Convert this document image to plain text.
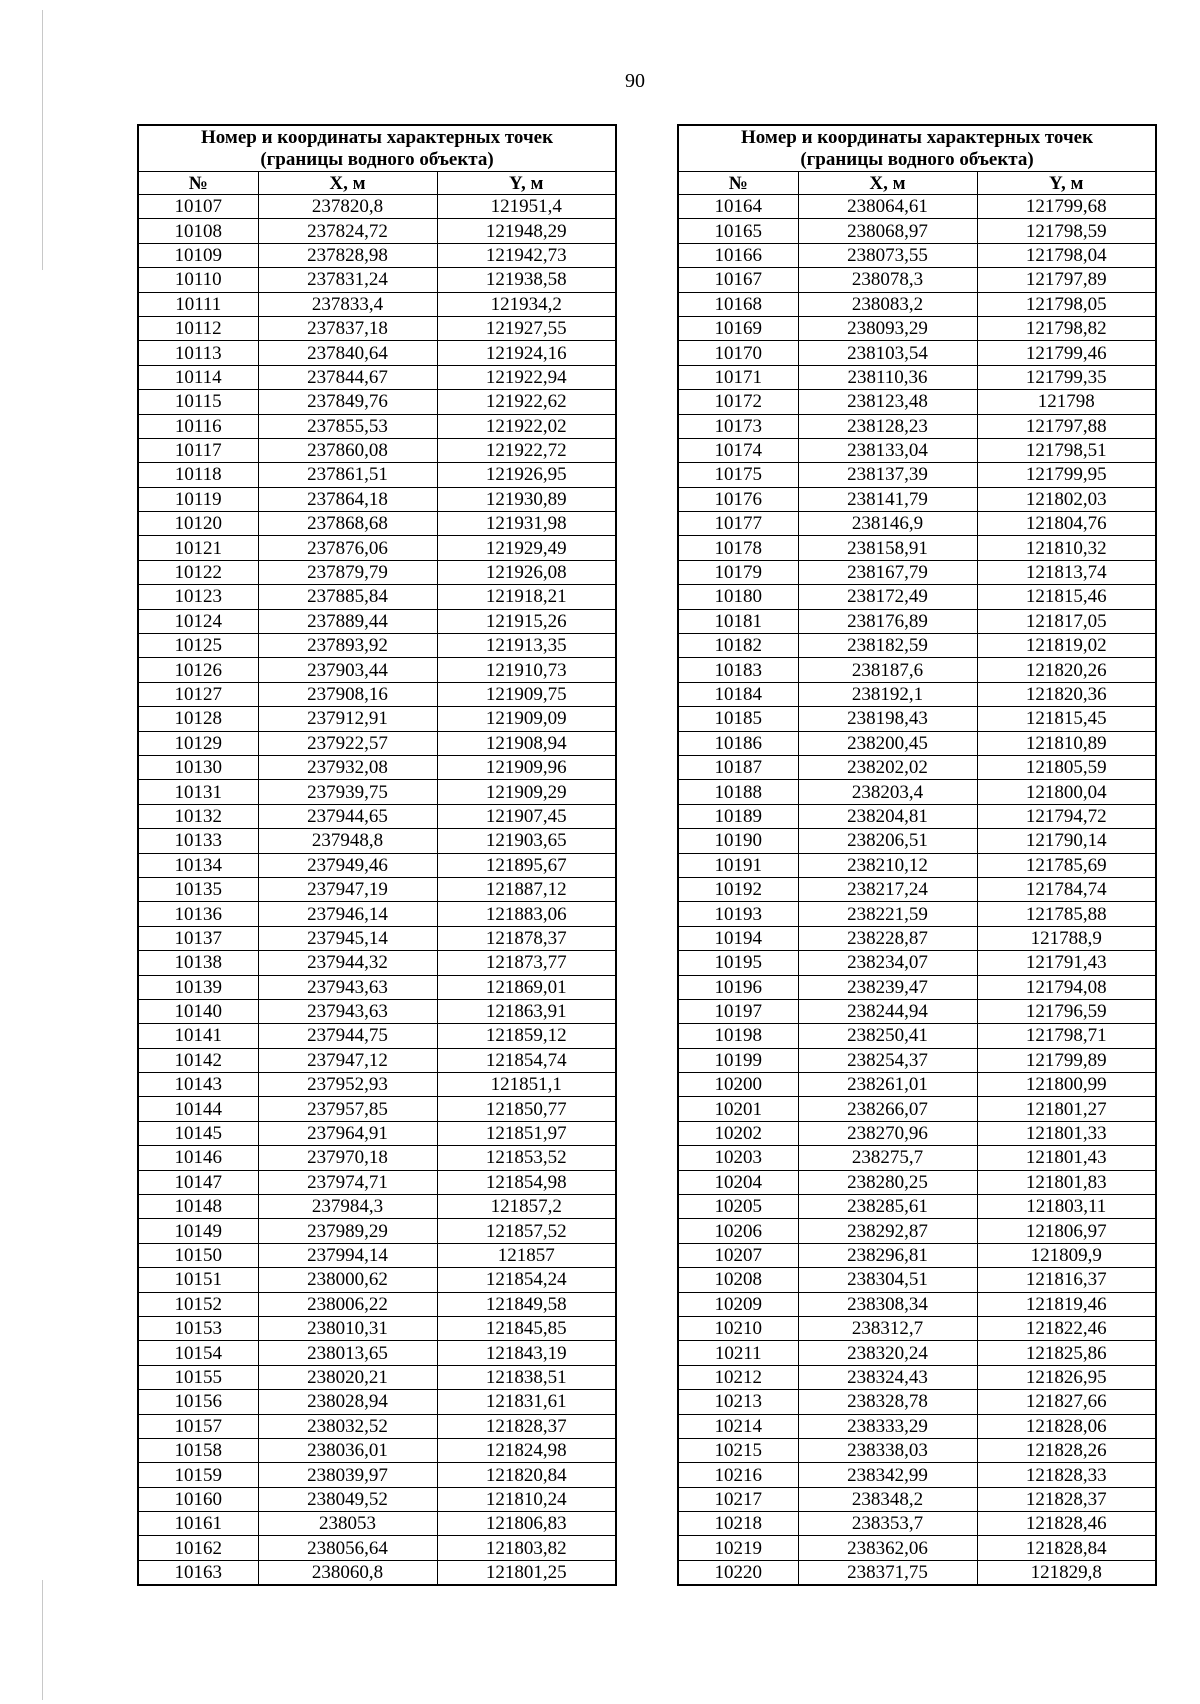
90
Номер и координаты характерных точек
(границы водного объекта)		
№	X, м	Y, м
10107	237820,8	121951,4
10108	237824,72	121948,29
10109	237828,98	121942,73
10110	237831,24	121938,58
10111	237833,4	121934,2
10112	237837,18	121927,55
10113	237840,64	121924,16
10114	237844,67	121922,94
10115	237849,76	121922,62
10116	237855,53	121922,02
10117	237860,08	121922,72
10118	237861,51	121926,95
10119	237864,18	121930,89
10120	237868,68	121931,98
10121	237876,06	121929,49
10122	237879,79	121926,08
10123	237885,84	121918,21
10124	237889,44	121915,26
10125	237893,92	121913,35
10126	237903,44	121910,73
10127	237908,16	121909,75
10128	237912,91	121909,09
10129	237922,57	121908,94
10130	237932,08	121909,96
10131	237939,75	121909,29
10132	237944,65	121907,45
10133	237948,8	121903,65
10134	237949,46	121895,67
10135	237947,19	121887,12
10136	237946,14	121883,06
10137	237945,14	121878,37
10138	237944,32	121873,77
10139	237943,63	121869,01
10140	237943,63	121863,91
10141	237944,75	121859,12
10142	237947,12	121854,74
10143	237952,93	121851,1
10144	237957,85	121850,77
10145	237964,91	121851,97
10146	237970,18	121853,52
10147	237974,71	121854,98
10148	237984,3	121857,2
10149	237989,29	121857,52
10150	237994,14	121857
10151	238000,62	121854,24
10152	238006,22	121849,58
10153	238010,31	121845,85
10154	238013,65	121843,19
10155	238020,21	121838,51
10156	238028,94	121831,61
10157	238032,52	121828,37
10158	238036,01	121824,98
10159	238039,97	121820,84
10160	238049,52	121810,24
10161	238053	121806,83
10162	238056,64	121803,82
10163	238060,8	121801,25
Номер и координаты характерных точек
(границы водного объекта)		
№	X, м	Y, м
10164	238064,61	121799,68
10165	238068,97	121798,59
10166	238073,55	121798,04
10167	238078,3	121797,89
10168	238083,2	121798,05
10169	238093,29	121798,82
10170	238103,54	121799,46
10171	238110,36	121799,35
10172	238123,48	121798
10173	238128,23	121797,88
10174	238133,04	121798,51
10175	238137,39	121799,95
10176	238141,79	121802,03
10177	238146,9	121804,76
10178	238158,91	121810,32
10179	238167,79	121813,74
10180	238172,49	121815,46
10181	238176,89	121817,05
10182	238182,59	121819,02
10183	238187,6	121820,26
10184	238192,1	121820,36
10185	238198,43	121815,45
10186	238200,45	121810,89
10187	238202,02	121805,59
10188	238203,4	121800,04
10189	238204,81	121794,72
10190	238206,51	121790,14
10191	238210,12	121785,69
10192	238217,24	121784,74
10193	238221,59	121785,88
10194	238228,87	121788,9
10195	238234,07	121791,43
10196	238239,47	121794,08
10197	238244,94	121796,59
10198	238250,41	121798,71
10199	238254,37	121799,89
10200	238261,01	121800,99
10201	238266,07	121801,27
10202	238270,96	121801,33
10203	238275,7	121801,43
10204	238280,25	121801,83
10205	238285,61	121803,11
10206	238292,87	121806,97
10207	238296,81	121809,9
10208	238304,51	121816,37
10209	238308,34	121819,46
10210	238312,7	121822,46
10211	238320,24	121825,86
10212	238324,43	121826,95
10213	238328,78	121827,66
10214	238333,29	121828,06
10215	238338,03	121828,26
10216	238342,99	121828,33
10217	238348,2	121828,37
10218	238353,7	121828,46
10219	238362,06	121828,84
10220	238371,75	121829,8
